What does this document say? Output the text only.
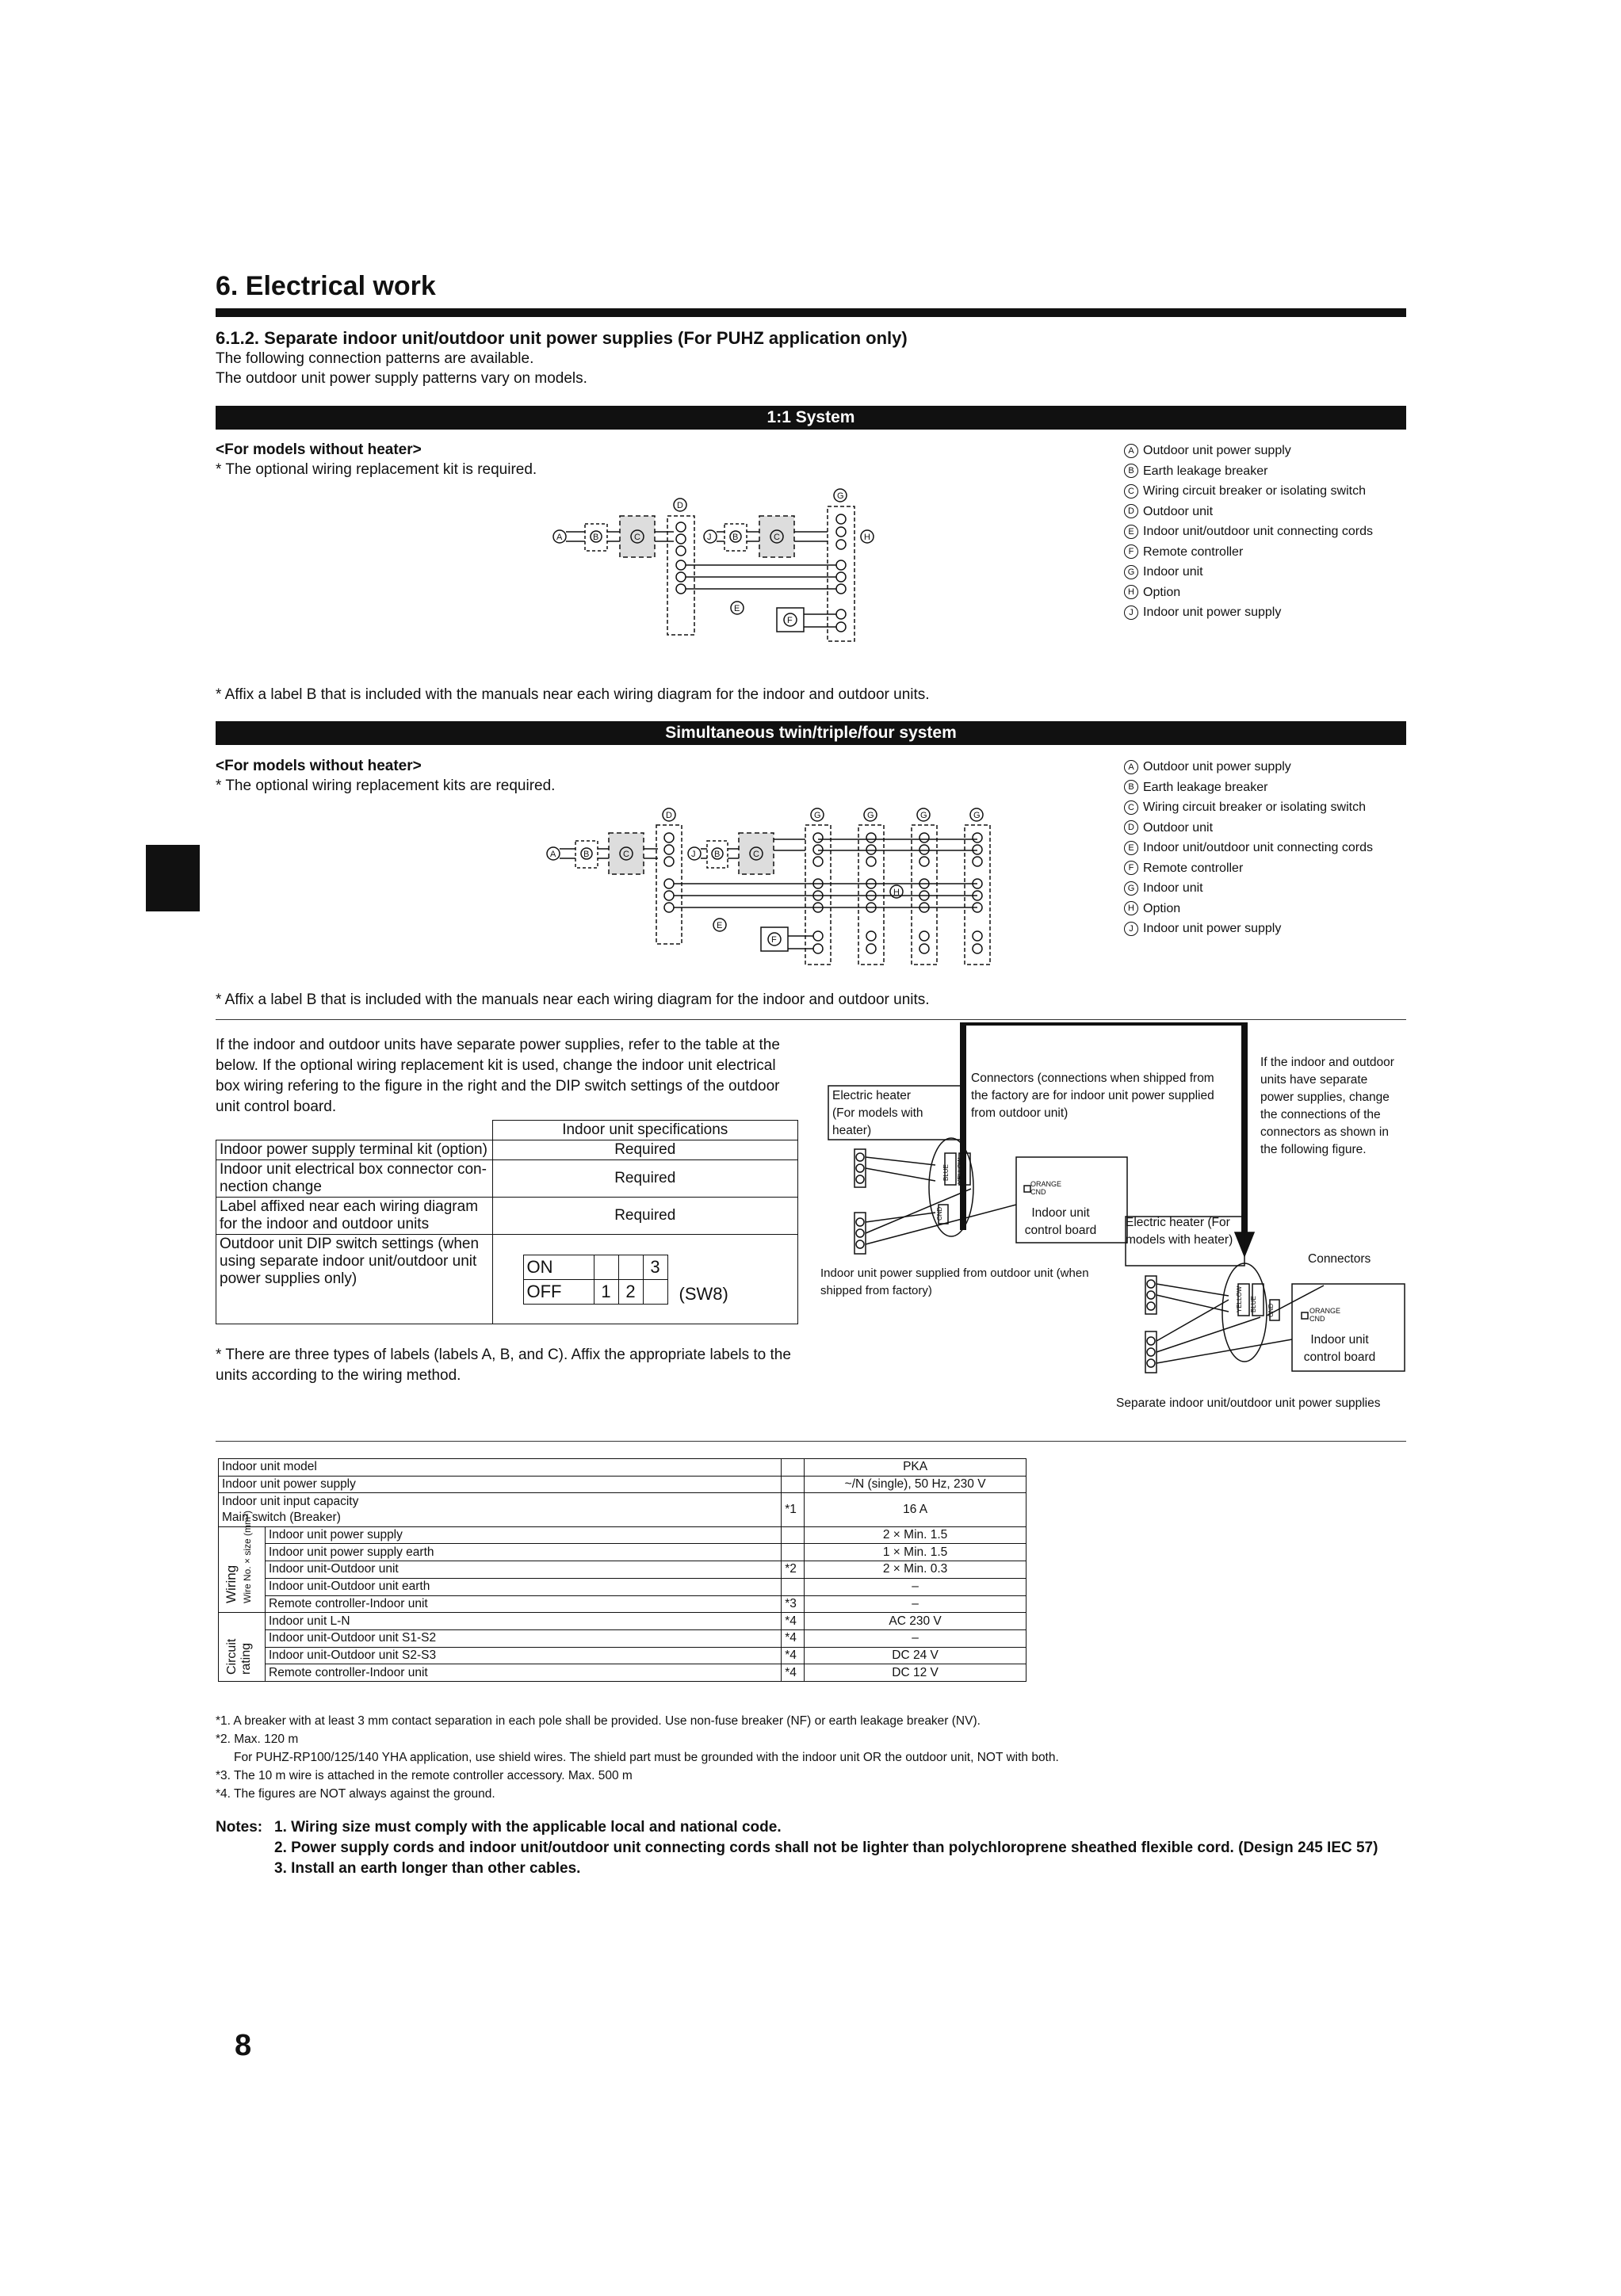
6. Electrical work
6.1.2. Separate indoor unit/outdoor unit power supplies (For PUHZ application only)
The following connection patterns are available.
The outdoor unit power supply patterns vary on models.
1:1 System
<For models without heater>
* The optional wiring replacement kit is required.
A Outdoor unit power supply
B Earth leakage breaker
C Wiring circuit breaker or isolating switch
D Outdoor unit
E Indoor unit/outdoor unit connecting cords
F Remote controller
G Indoor unit
H Option
J Indoor unit power supply
A	B	C
D
J B	C
G
H
E
F
* Affix a label B that is included with the manuals near each wiring diagram for the indoor and outdoor units.
Simultaneous twin/triple/four system
<For models without heater>
* The optional wiring replacement kits are required.
A Outdoor unit power supply
B Earth leakage breaker
C Wiring circuit breaker or isolating switch
D Outdoor unit
E Indoor unit/outdoor unit connecting cords
F Remote controller
G Indoor unit
H Option
J Indoor unit power supply
A	B	C
D
J B	C
G	G	G	G
H
E
F
* Affix a label B that is included with the manuals near each wiring diagram for the indoor and outdoor units.
If the indoor and outdoor units have separate power supplies, refer to the table at the below. If the optional wiring replacement kit is used, change the indoor unit electrical box wiring refering to the figure in the right and the DIP switch settings of the outdoor unit control board.
	Indoor unit specifications
Indoor power supply terminal kit (option)	Required
Indoor unit electrical box connector con-nection change	Required
Label affixed near each wiring diagram for the indoor and outdoor units	Required
Outdoor unit DIP switch settings (when using separate indoor unit/outdoor unit power supplies only)	
ON			3
OFF	1	2	(SW8)
* There are three types of labels (labels A, B, and C). Affix the appropriate labels to the units according to the wiring method.
BLUE YELLOW
CND
YELLOW BLUE CND
Electric heater (For models with heater)
Connectors (connections when shipped from the factory are for indoor unit power supplied from outdoor unit)
If the indoor and outdoor units have separate power supplies, change the connections of the connectors as shown in the following figure.
ORANGE CND
Indoor unit control board
Indoor unit power supplied from outdoor unit (when shipped from factory)
Electric heater (For models with heater)
Connectors
ORANGE CND
Indoor unit control board
Separate indoor unit/outdoor unit power supplies
Indoor unit model			PKA
Indoor unit power supply			~/N (single), 50 Hz, 230 V
Indoor unit input capacity		*1	16 A
Main switch (Breaker)			

Wiring Wire No. × size (mm²)	Indoor unit power supply		2 × Min. 1.5
	Indoor unit power supply earth		1 × Min. 1.5
	Indoor unit-Outdoor unit	*2	2 × Min. 0.3
	Indoor unit-Outdoor unit earth		–
	Remote controller-Indoor unit	*3	–

Circuit rating	Indoor unit L-N	*4	AC 230 V
	Indoor unit-Outdoor unit S1-S2	*4	–
	Indoor unit-Outdoor unit S2-S3	*4	DC 24 V
	Remote controller-Indoor unit	*4	DC 12 V
*1. A breaker with at least 3 mm contact separation in each pole shall be provided. Use non-fuse breaker (NF) or earth leakage breaker (NV).
*2. Max. 120 m
For PUHZ-RP100/125/140 YHA application, use shield wires. The shield part must be grounded with the indoor unit OR the outdoor unit, NOT with both.
*3. The 10 m wire is attached in the remote controller accessory. Max. 500 m
*4. The figures are NOT always against the ground.
Notes: 1. Wiring size must comply with the applicable local and national code.
2. Power supply cords and indoor unit/outdoor unit connecting cords shall not be lighter than polychloroprene sheathed flexible cord. (Design 245 IEC 57)
3. Install an earth longer than other cables.
8
